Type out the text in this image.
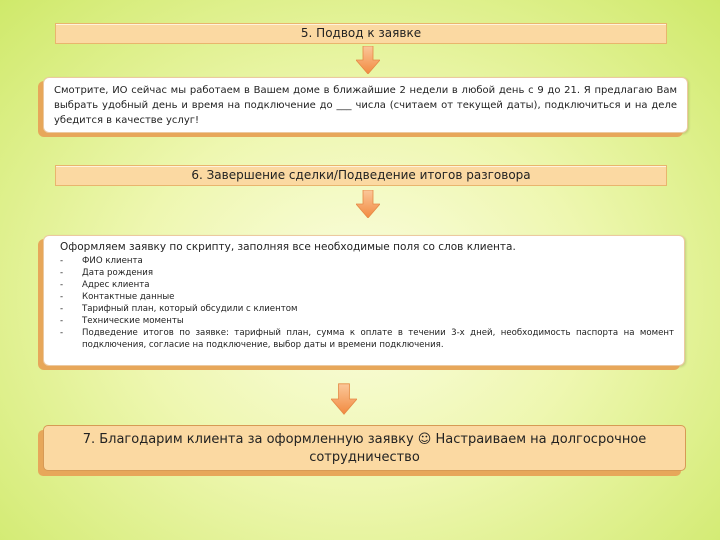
5. Подвод к заявке
Смотрите, ИО сейчас мы работаем в Вашем доме в ближайшие 2 недели в любой день с 9 до 21. Я предлагаю Вам выбрать удобный день и время на подключение до ___ числа (считаем от текущей даты), подключиться и на деле убедится в качестве услуг!
6. Завершение сделки/Подведение итогов разговора
Оформляем заявку по скрипту, заполняя все необходимые поля со слов клиента.
- ФИО клиента
- Дата рождения
- Адрес клиента
- Контактные данные
- Тарифный план, который обсудили с клиентом
- Технические моменты
- Подведение итогов по заявке: тарифный план, сумма к оплате в течении 3-х дней, необходимость паспорта на момент подключения, согласие на подключение, выбор даты и времени подключения.
7. Благодарим клиента за оформленную заявку ☺ Настраиваем на долгосрочное сотрудничество
